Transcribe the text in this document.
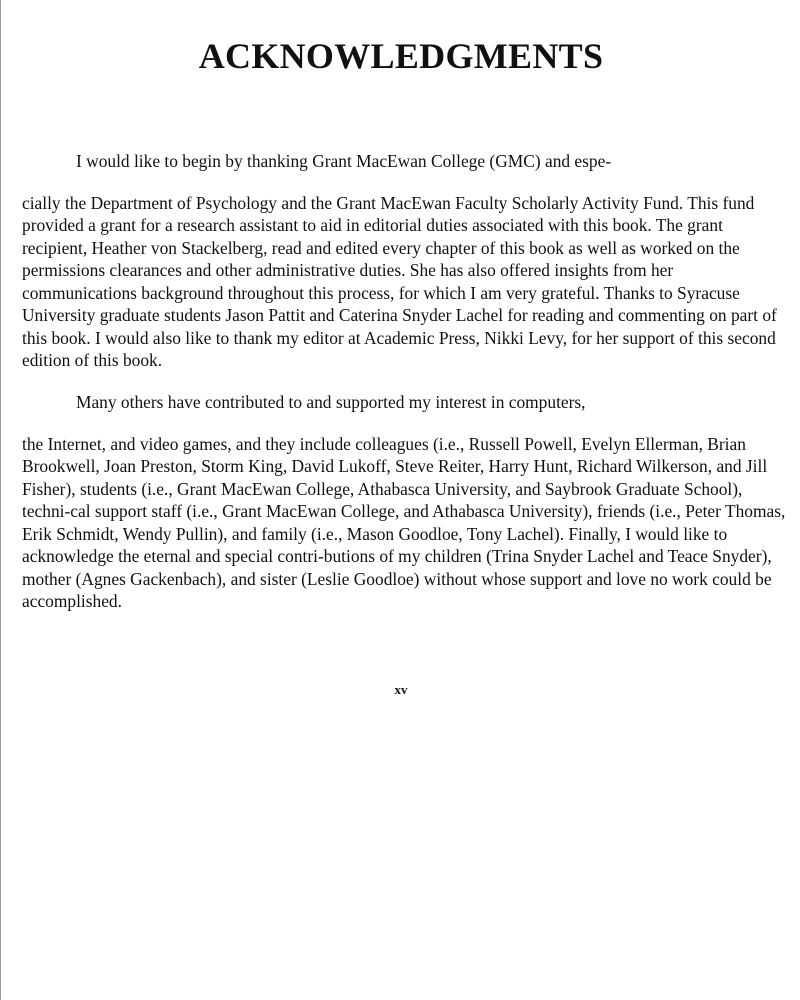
ACKNOWLEDGMENTS

I would like to begin by thanking Grant MacEwan College (GMC) and espe-
cially the Department of Psychology and the Grant MacEwan Faculty Scholarly Activity Fund. This fund provided a grant for a research assistant to aid in editorial duties associated with this book. The grant recipient, Heather von Stackelberg, read and edited every chapter of this book as well as worked on the permissions clearances and other administrative duties. She has also offered insights from her communications background throughout this process, for which I am very grateful. Thanks to Syracuse University graduate students Jason Pattit and Caterina Snyder Lachel for reading and commenting on part of this book. I would also like to thank my editor at Academic Press, Nikki Levy, for her support of this second edition of this book.

Many others have contributed to and supported my interest in computers,
the Internet, and video games, and they include colleagues (i.e., Russell Powell, Evelyn Ellerman, Brian Brookwell, Joan Preston, Storm King, David Lukoff, Steve Reiter, Harry Hunt, Richard Wilkerson, and Jill Fisher), students (i.e., Grant MacEwan College, Athabasca University, and Saybrook Graduate School), techni-cal support staff (i.e., Grant MacEwan College, and Athabasca University), friends (i.e., Peter Thomas, Erik Schmidt, Wendy Pullin), and family (i.e., Mason Goodloe, Tony Lachel). Finally, I would like to acknowledge the eternal and special contri-butions of my children (Trina Snyder Lachel and Teace Snyder), mother (Agnes Gackenbach), and sister (Leslie Goodloe) without whose support and love no work could be accomplished.

xv
